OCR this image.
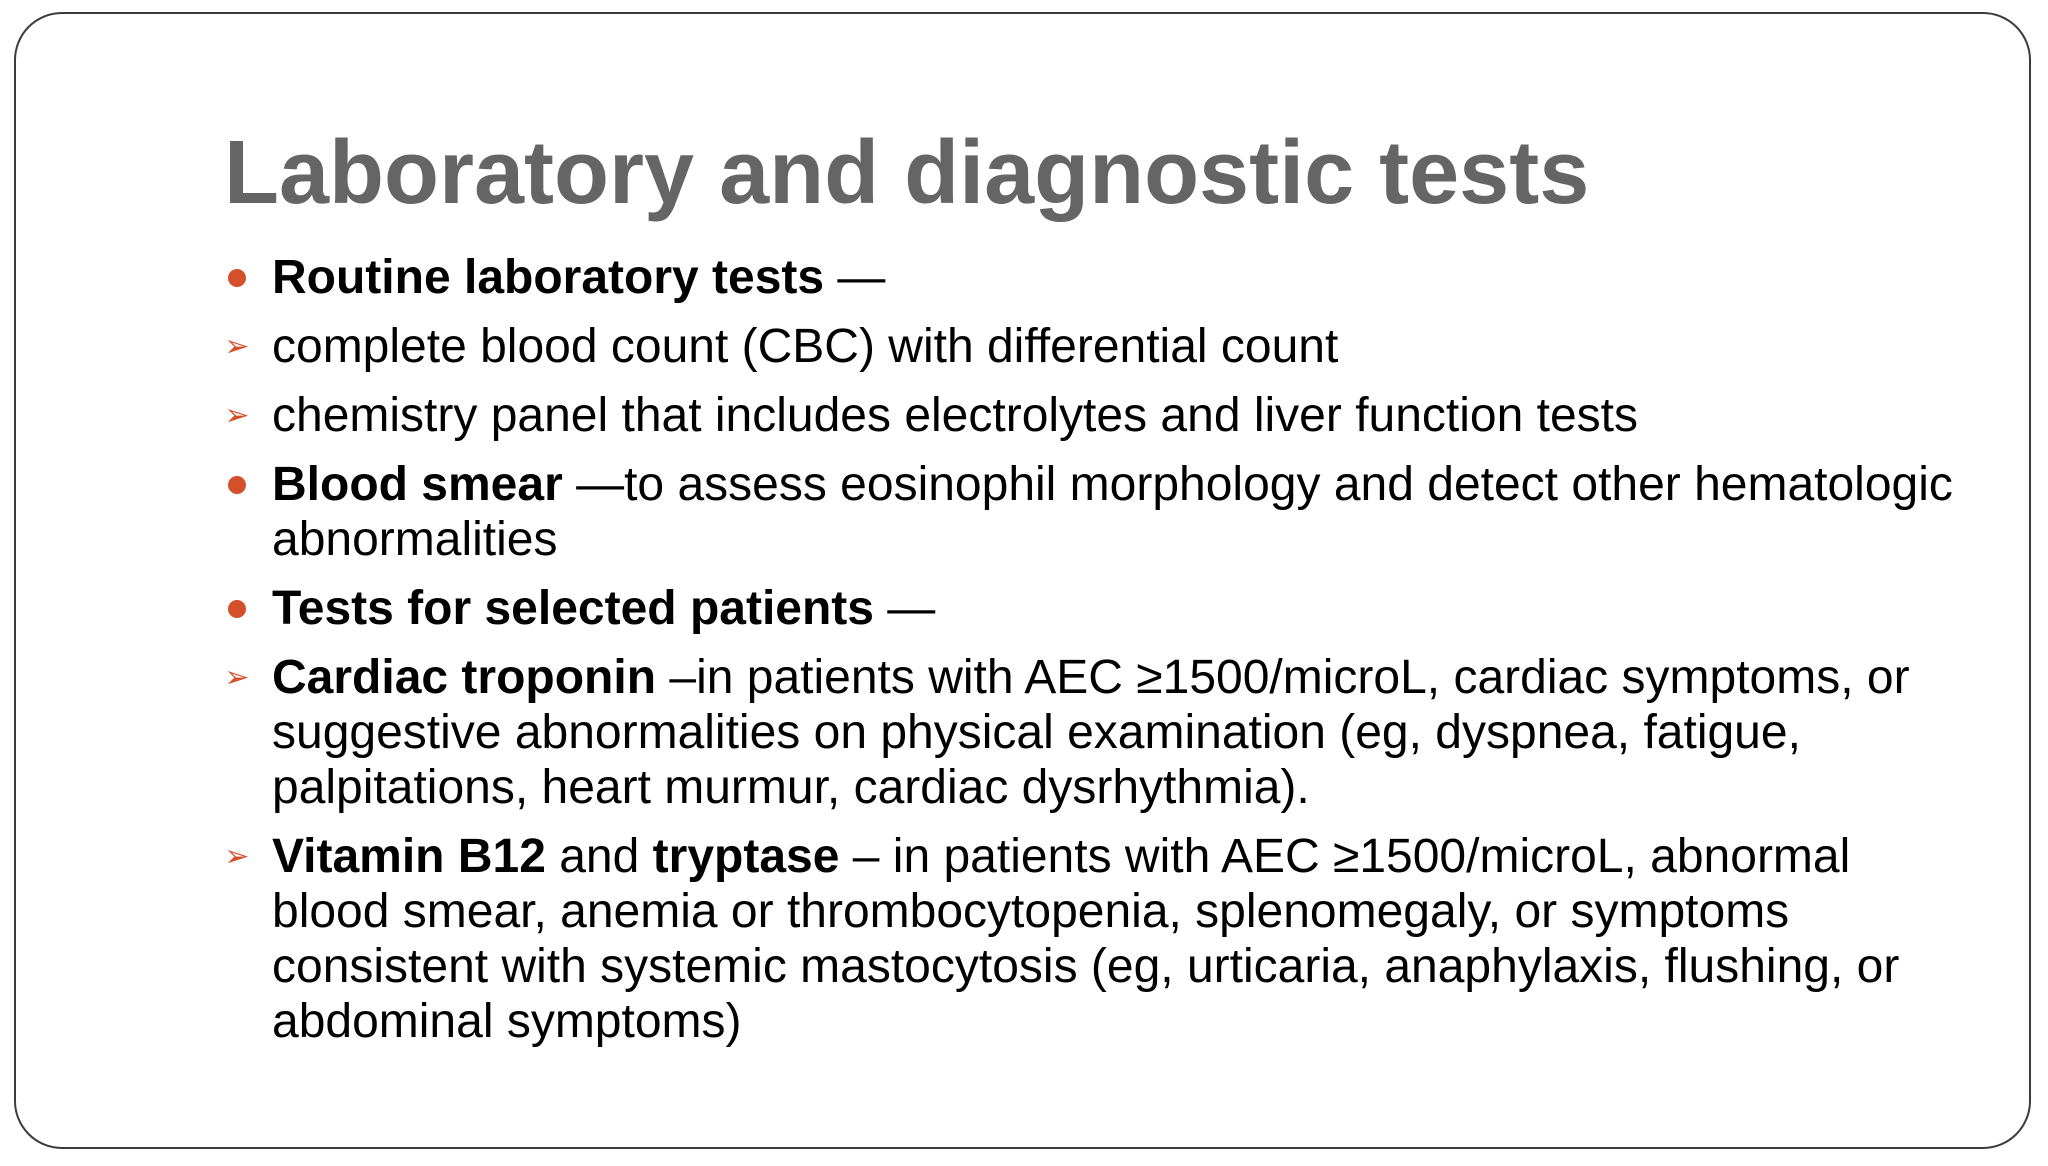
Laboratory and diagnostic tests
Routine laboratory tests —
➢ complete blood count (CBC) with differential count
➢ chemistry panel that includes electrolytes and liver function tests
Blood smear —to assess eosinophil morphology and detect other hematologic abnormalities
Tests for selected patients —
➢ Cardiac troponin –in patients with AEC ≥1500/microL, cardiac symptoms, or suggestive abnormalities on physical examination (eg, dyspnea, fatigue, palpitations, heart murmur, cardiac dysrhythmia).
➢ Vitamin B12 and tryptase – in patients with AEC ≥1500/microL, abnormal blood smear, anemia or thrombocytopenia, splenomegaly, or symptoms consistent with systemic mastocytosis (eg, urticaria, anaphylaxis, flushing, or abdominal symptoms)
